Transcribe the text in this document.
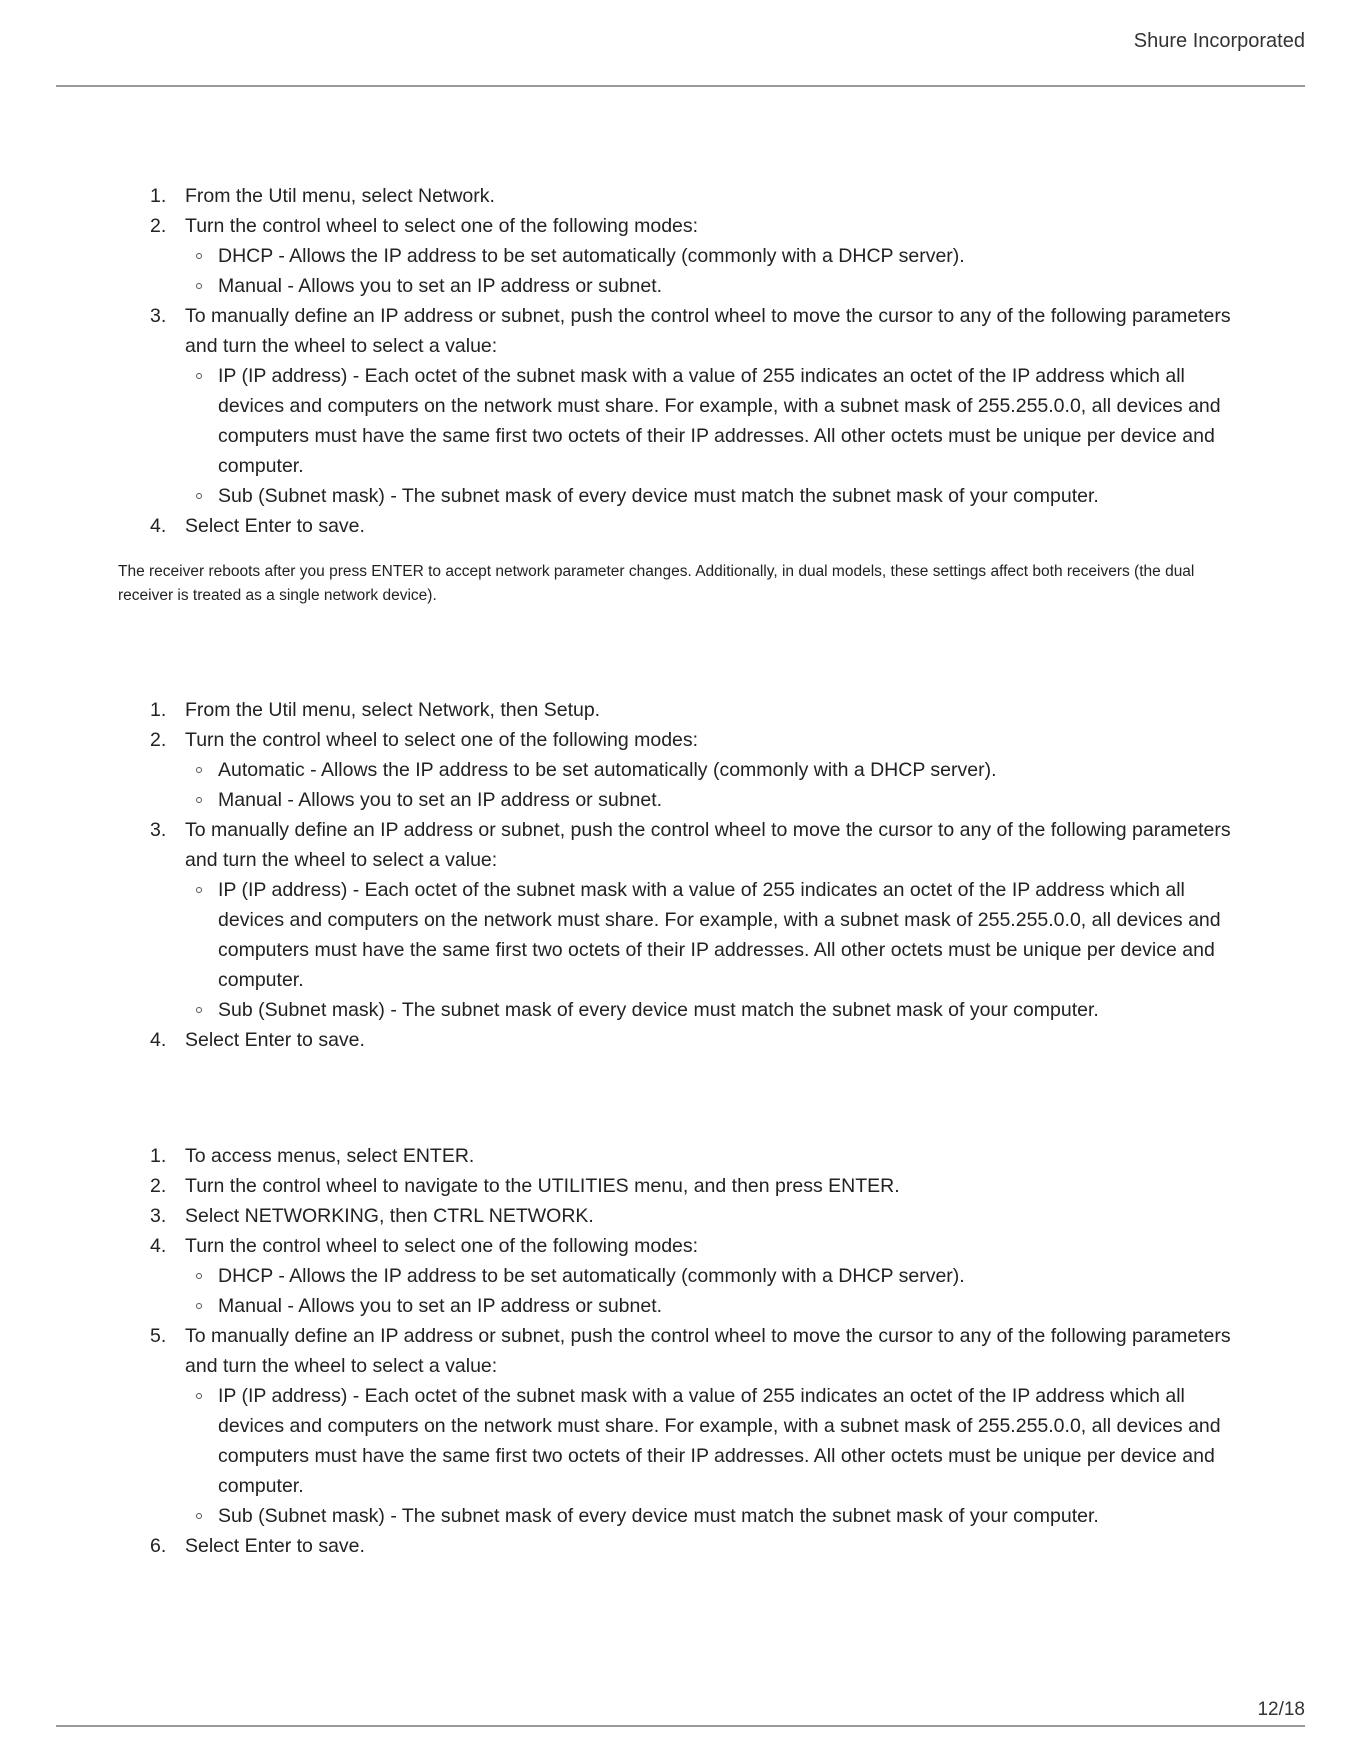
Shure Incorporated
1. From the Util menu, select Network.
2. Turn the control wheel to select one of the following modes:
DHCP - Allows the IP address to be set automatically (commonly with a DHCP server).
Manual - Allows you to set an IP address or subnet.
3. To manually define an IP address or subnet, push the control wheel to move the cursor to any of the following parameters and turn the wheel to select a value:
IP (IP address) - Each octet of the subnet mask with a value of 255 indicates an octet of the IP address which all devices and computers on the network must share. For example, with a subnet mask of 255.255.0.0, all devices and computers must have the same first two octets of their IP addresses. All other octets must be unique per device and computer.
Sub (Subnet mask) - The subnet mask of every device must match the subnet mask of your computer.
4. Select Enter to save.
The receiver reboots after you press ENTER to accept network parameter changes. Additionally, in dual models, these settings affect both receivers (the dual receiver is treated as a single network device).
1. From the Util menu, select Network, then Setup.
2. Turn the control wheel to select one of the following modes:
Automatic - Allows the IP address to be set automatically (commonly with a DHCP server).
Manual - Allows you to set an IP address or subnet.
3. To manually define an IP address or subnet, push the control wheel to move the cursor to any of the following parameters and turn the wheel to select a value:
IP (IP address) - Each octet of the subnet mask with a value of 255 indicates an octet of the IP address which all devices and computers on the network must share. For example, with a subnet mask of 255.255.0.0, all devices and computers must have the same first two octets of their IP addresses. All other octets must be unique per device and computer.
Sub (Subnet mask) - The subnet mask of every device must match the subnet mask of your computer.
4. Select Enter to save.
1. To access menus, select ENTER.
2. Turn the control wheel to navigate to the UTILITIES menu, and then press ENTER.
3. Select NETWORKING, then CTRL NETWORK.
4. Turn the control wheel to select one of the following modes:
DHCP - Allows the IP address to be set automatically (commonly with a DHCP server).
Manual - Allows you to set an IP address or subnet.
5. To manually define an IP address or subnet, push the control wheel to move the cursor to any of the following parameters and turn the wheel to select a value:
IP (IP address) - Each octet of the subnet mask with a value of 255 indicates an octet of the IP address which all devices and computers on the network must share. For example, with a subnet mask of 255.255.0.0, all devices and computers must have the same first two octets of their IP addresses. All other octets must be unique per device and computer.
Sub (Subnet mask) - The subnet mask of every device must match the subnet mask of your computer.
6. Select Enter to save.
12/18
